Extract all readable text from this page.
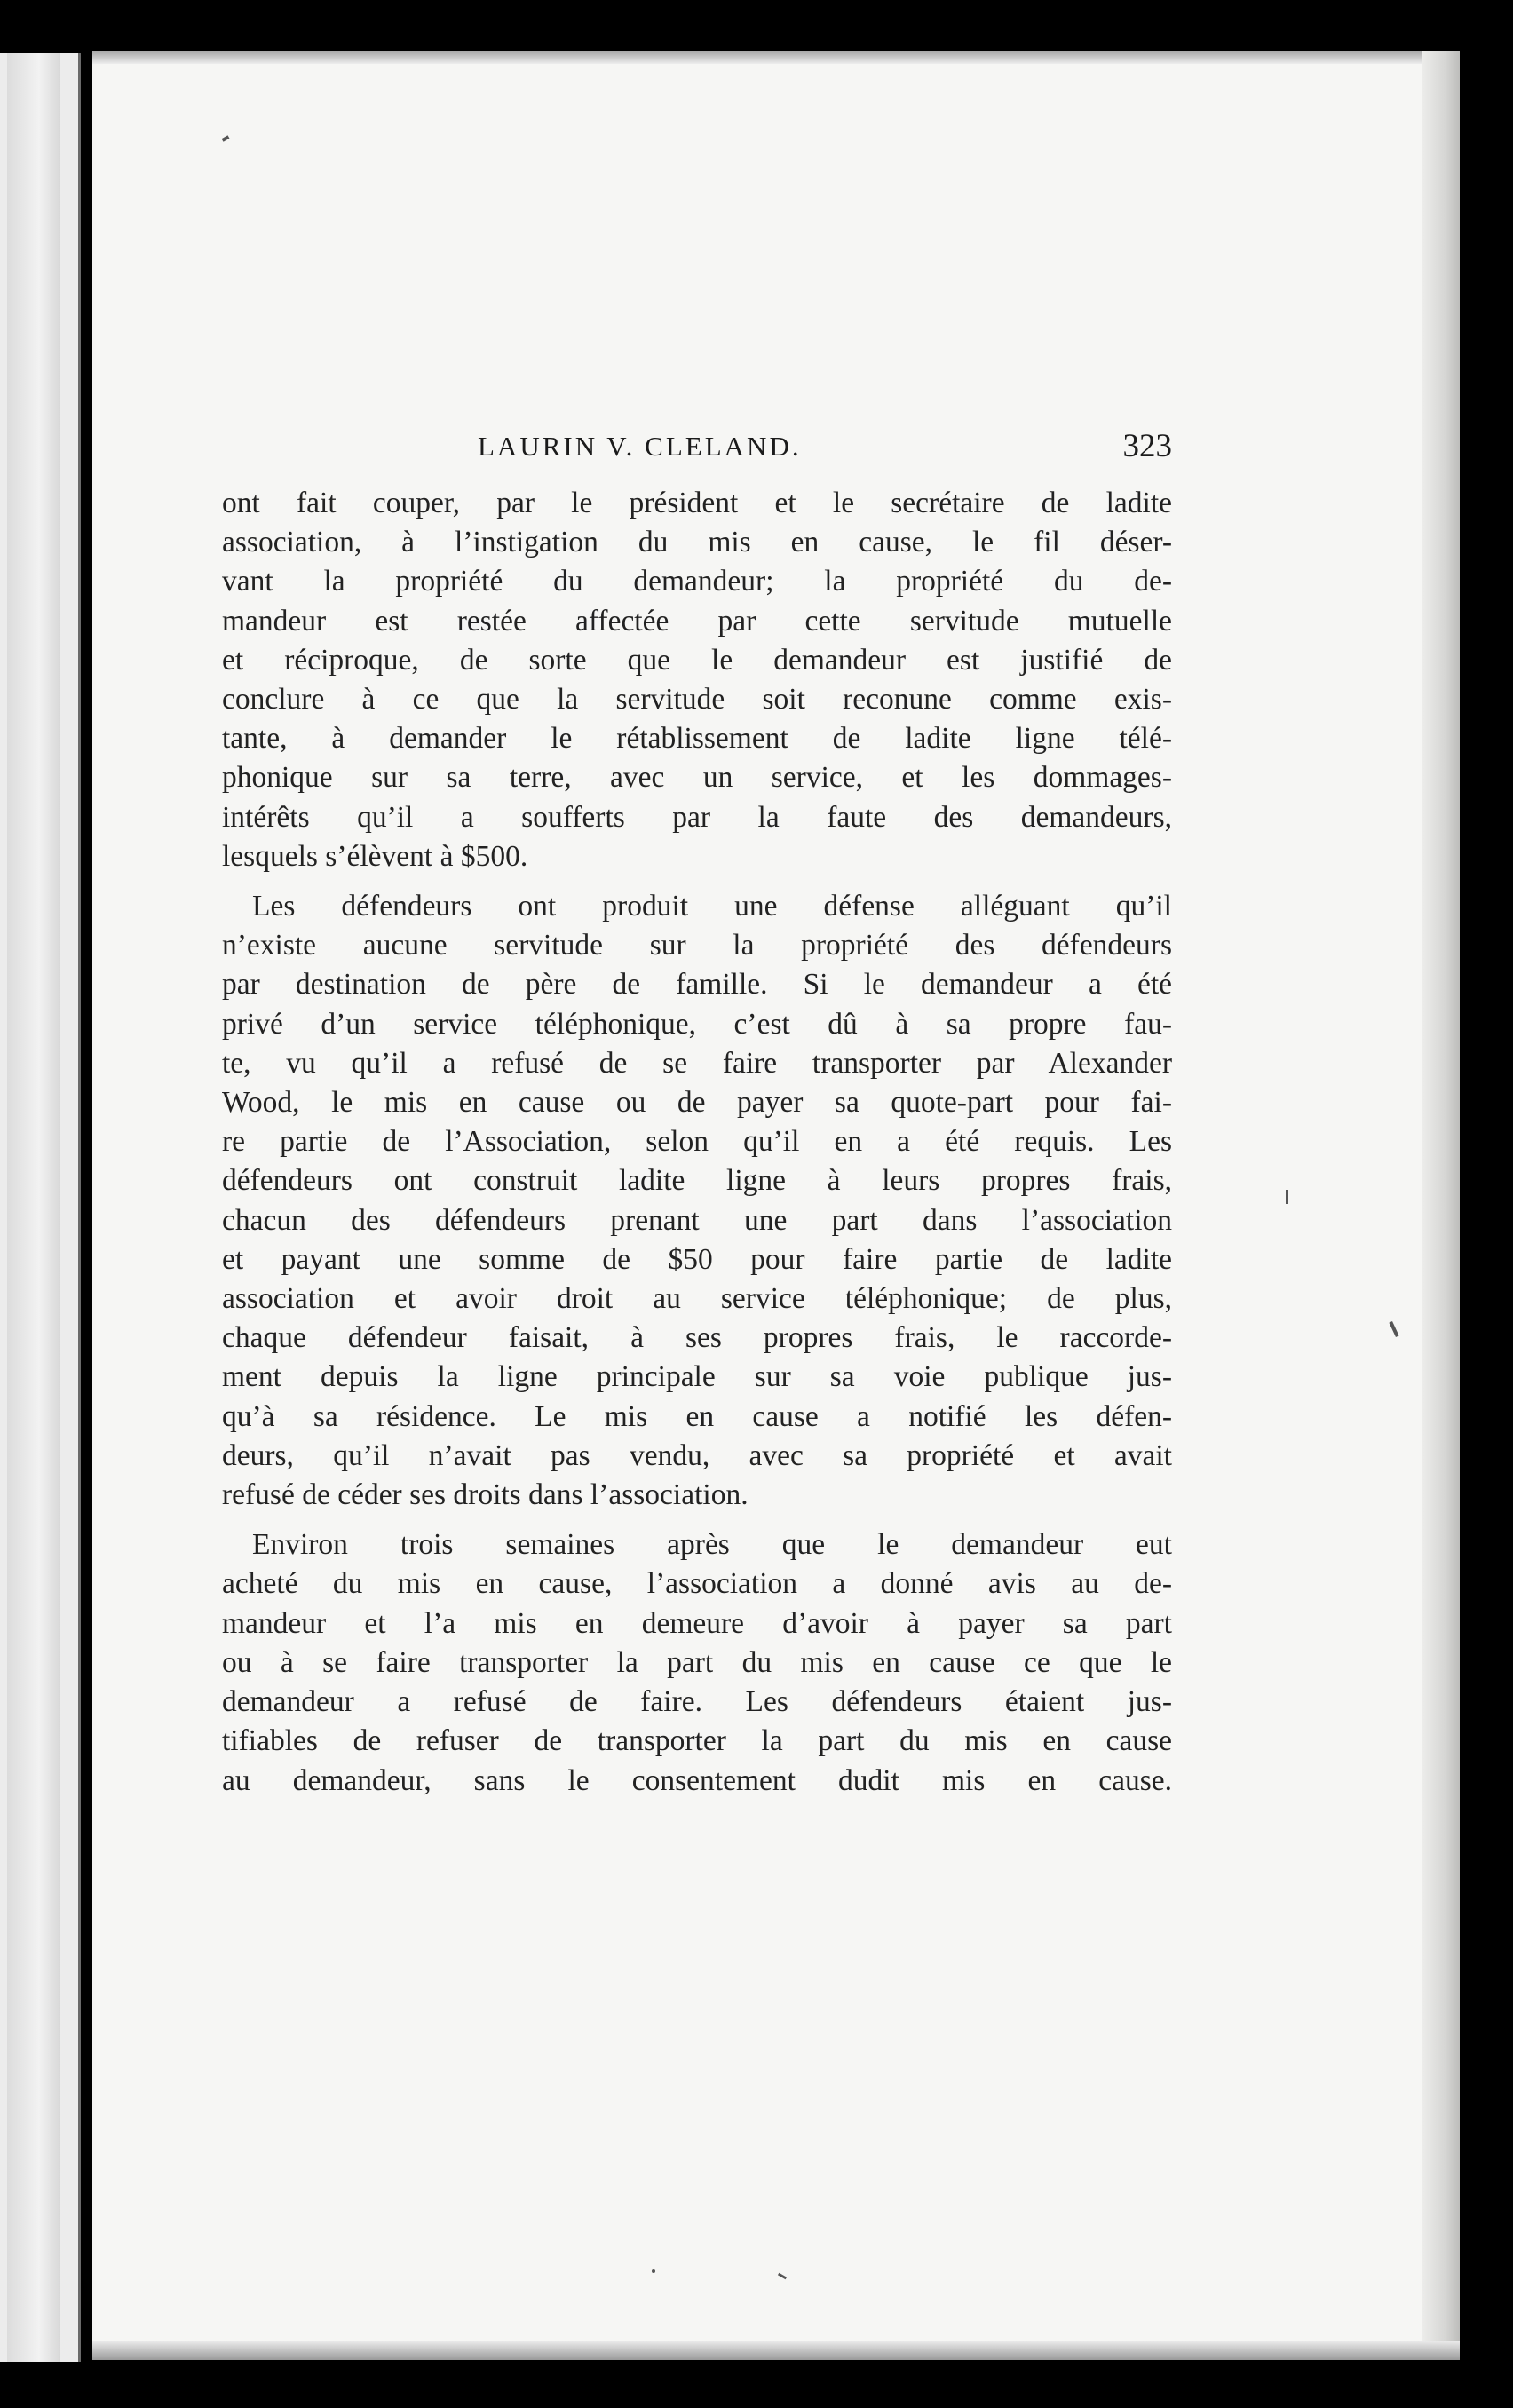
LAURIN V. CLELAND.	323
ont fait couper, par le président et le secrétaire de ladite
association, à l’instigation du mis en cause, le fil déser-
vant la propriété du demandeur; la propriété du de-
mandeur est restée affectée par cette servitude mutuelle
et réciproque, de sorte que le demandeur est justifié de
conclure à ce que la servitude soit reconune comme exis-
tante, à demander le rétablissement de ladite ligne télé-
phonique sur sa terre, avec un service, et les dommages-
intérêts qu’il a soufferts par la faute des demandeurs,
lesquels s’élèvent à $500.
Les défendeurs ont produit une défense alléguant qu’il
n’existe aucune servitude sur la propriété des défendeurs
par destination de père de famille. Si le demandeur a été
privé d’un service téléphonique, c’est dû à sa propre fau-
te, vu qu’il a refusé de se faire transporter par Alexander
Wood, le mis en cause ou de payer sa quote-part pour fai-
re partie de l’Association, selon qu’il en a été requis. Les
défendeurs ont construit ladite ligne à leurs propres frais,
chacun des défendeurs prenant une part dans l’association
et payant une somme de $50 pour faire partie de ladite
association et avoir droit au service téléphonique; de plus,
chaque défendeur faisait, à ses propres frais, le raccorde-
ment depuis la ligne principale sur sa voie publique jus-
qu’à sa résidence. Le mis en cause a notifié les défen-
deurs, qu’il n’avait pas vendu, avec sa propriété et avait
refusé de céder ses droits dans l’association.
Environ trois semaines après que le demandeur eut
acheté du mis en cause, l’association a donné avis au de-
mandeur et l’a mis en demeure d’avoir à payer sa part
ou à se faire transporter la part du mis en cause ce que le
demandeur a refusé de faire. Les défendeurs étaient jus-
tifiables de refuser de transporter la part du mis en cause
au demandeur, sans le consentement dudit mis en cause.
